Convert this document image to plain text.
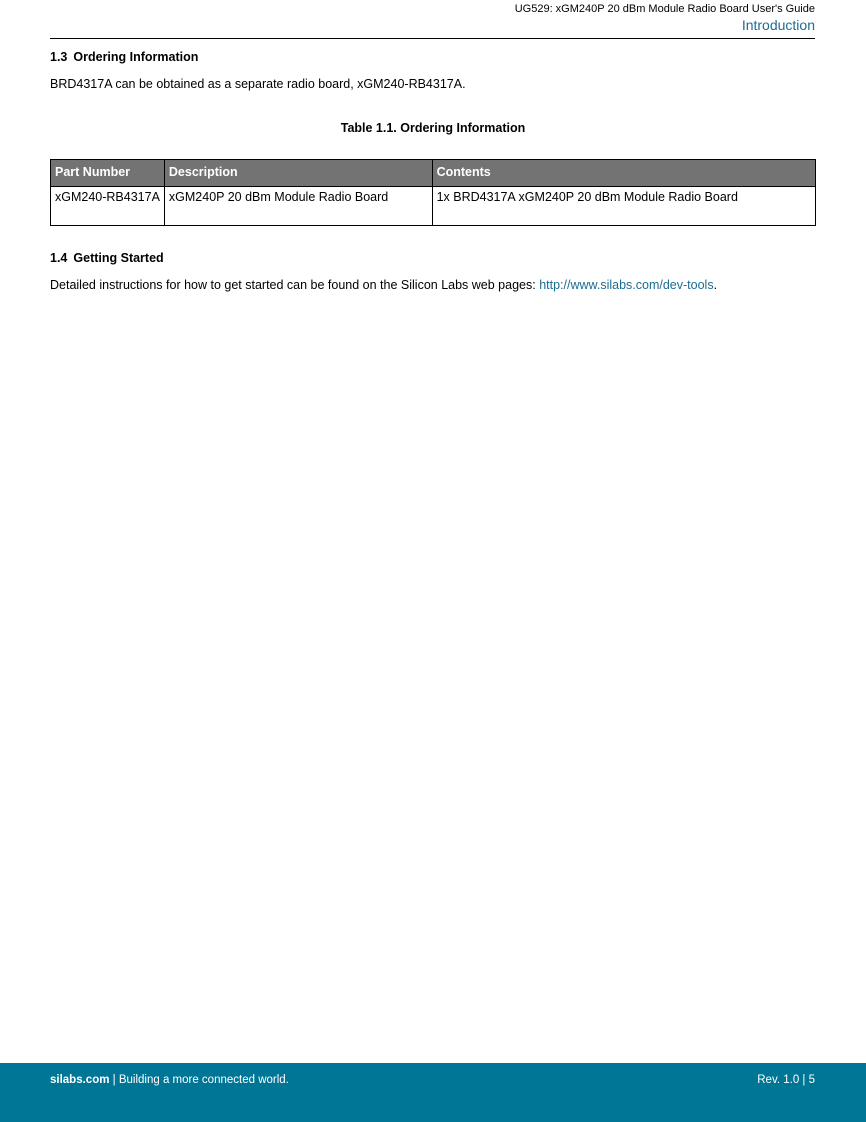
UG529: xGM240P 20 dBm Module Radio Board User's Guide
Introduction
1.3 Ordering Information
BRD4317A can be obtained as a separate radio board, xGM240-RB4317A.
Table 1.1. Ordering Information
Part Number	Description	Contents
xGM240-RB4317A	xGM240P 20 dBm Module Radio Board	1x BRD4317A xGM240P 20 dBm Module Radio Board
1.4 Getting Started
Detailed instructions for how to get started can be found on the Silicon Labs web pages: http://www.silabs.com/dev-tools.
silabs.com | Building a more connected world.	Rev. 1.0 | 5
